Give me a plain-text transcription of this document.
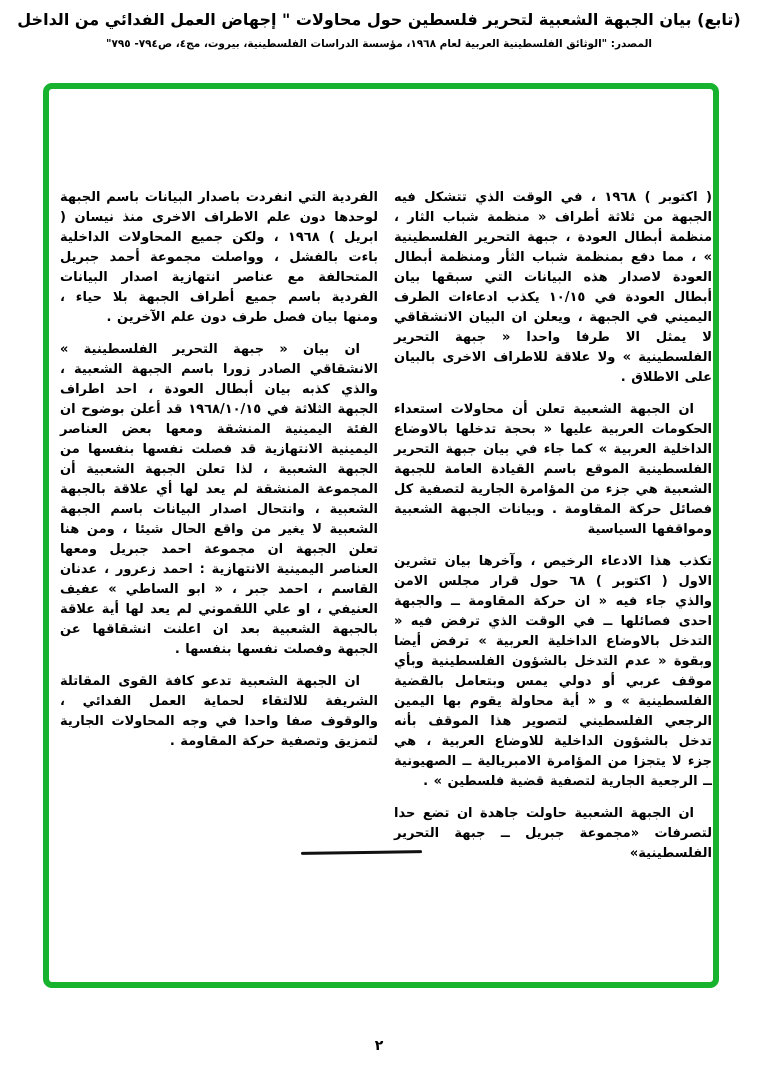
(تابع) بيان الجبهة الشعبية لتحرير فلسطين حول محاولات " إجهاض العمل الفدائي من الداخل
المصدر: "الوثائق الفلسطينية العربية لعام ١٩٦٨، مؤسسة الدراسات الفلسطينية، بيروت، مج٤، ص٧٩٤- ٧٩٥"

( اكتوبر ) ١٩٦٨ ، في الوقت الذي تتشكل فيه الجبهة من ثلاثة أطراف « منظمة شباب الثار ، منظمة أبطال العودة ، جبهة التحرير الفلسطينية » ، مما دفع بمنظمة شباب الثأر ومنظمة أبطال العودة لاصدار هذه البيانات التي سبقها بيان أبطال العودة في ١٠/١٥ يكذب ادعاءات الطرف اليميني في الجبهة ، ويعلن ان البيان الانشقاقي لا يمثل الا طرفا واحدا « جبهة التحرير الفلسطينية » ولا علاقة للاطراف الاخرى بالبيان على الاطلاق .

ان الجبهة الشعبية تعلن أن محاولات استعداء الحكومات العربية عليها « بحجة تدخلها بالاوضاع الداخلية العربية » كما جاء في بيان جبهة التحرير الفلسطينية الموقع باسم القيادة العامة للجبهة الشعبية هي جزء من المؤامرة الجارية لتصفية كل فصائل حركة المقاومة . وبيانات الجبهة الشعبية ومواقفها السياسية

تكذب هذا الادعاء الرخيص ، وآخرها بيان تشرين الاول ( اكتوبر ) ٦٨ حول قرار مجلس الامن والذي جاء فيه « ان حركة المقاومة ــ والجبهة احدى فصائلها ــ في الوقت الذي ترفض فيه « التدخل بالاوضاع الداخلية العربية » ترفض أيضا وبقوة « عدم التدخل بالشؤون الفلسطينية وبأي موقف عربي أو دولي يمس وبتعامل بالقضية الفلسطينية » و « أية محاولة يقوم بها اليمين الرجعي الفلسطيني لتصوير هذا الموقف بأنه تدخل بالشؤون الداخلية للاوضاع العربية ، هي جزء لا يتجزا من المؤامرة الامبريالية ــ الصهيونية ــ الرجعية الجارية لتصفية قضية فلسطين » .

ان الجبهة الشعبية حاولت جاهدة ان تضع حدا لتصرفات «مجموعة جبريل ــ جبهة التحرير الفلسطينية»

الفردية التي انفردت باصدار البيانات باسم الجبهة لوحدها دون علم الاطراف الاخرى منذ نيسان ( ابريل ) ١٩٦٨ ، ولكن جميع المحاولات الداخلية باءت بالفشل ، وواصلت مجموعة أحمد جبريل المتحالفة مع عناصر انتهازية اصدار البيانات الفردية باسم جميع أطراف الجبهة بلا حياء ، ومنها بيان فصل طرف دون علم الآخرين .

ان بيان « جبهة التحرير الفلسطينية » الانشقاقي الصادر زورا باسم الجبهة الشعبية ، والذي كذبه بيان أبطال العودة ، احد اطراف الجبهة الثلاثة في ١٩٦٨/١٠/١٥ قد أعلن بوضوح ان الفئة اليمينية المنشقة ومعها بعض العناصر اليمينية الانتهازية قد فصلت نفسها بنفسها من الجبهة الشعبية ، لذا تعلن الجبهة الشعبية أن المجموعة المنشقة لم يعد لها أي علاقة بالجبهة الشعبية ، وانتحال اصدار البيانات باسم الجبهة الشعبية لا يغير من واقع الحال شيئا ، ومن هنا تعلن الجبهة ان مجموعة احمد جبريل ومعها العناصر اليمينية الانتهازية : احمد زعرور ، عدنان القاسم ، احمد جبر ، « ابو الساطي » عفيف العنيفي ، او علي اللقموني لم يعد لها أية علاقة بالجبهة الشعبية بعد ان اعلنت انشقاقها عن الجبهة وفصلت نفسها بنفسها .

ان الجبهة الشعبية تدعو كافة القوى المقاتلة الشريفة للالتقاء لحماية العمل الفدائي ، والوقوف صفا واحدا في وجه المحاولات الجارية لتمزيق وتصفية حركة المقاومة .

٢
